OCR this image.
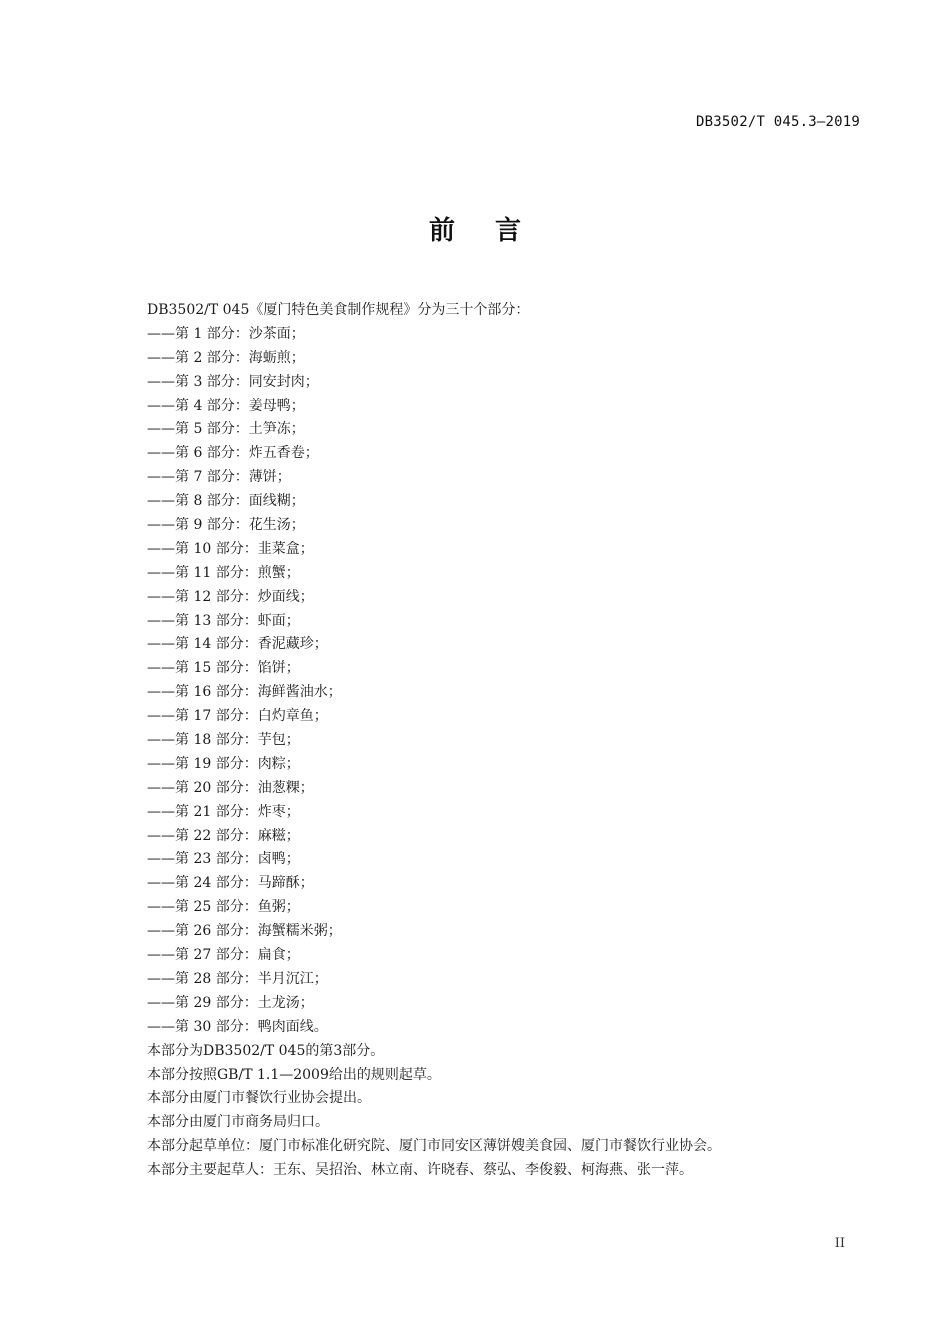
DB3502/T 045.3—2019
前言
DB3502/T 045《厦门特色美食制作规程》分为三十个部分：
——第 1 部分：沙茶面；
——第 2 部分：海蛎煎；
——第 3 部分：同安封肉；
——第 4 部分：姜母鸭；
——第 5 部分：土笋冻；
——第 6 部分：炸五香卷；
——第 7 部分：薄饼；
——第 8 部分：面线糊；
——第 9 部分：花生汤；
——第 10 部分：韭菜盒；
——第 11 部分：煎蟹；
——第 12 部分：炒面线；
——第 13 部分：虾面；
——第 14 部分：香泥藏珍；
——第 15 部分：馅饼；
——第 16 部分：海鲜酱油水；
——第 17 部分：白灼章鱼；
——第 18 部分：芋包；
——第 19 部分：肉粽；
——第 20 部分：油葱粿；
——第 21 部分：炸枣；
——第 22 部分：麻糍；
——第 23 部分：卤鸭；
——第 24 部分：马蹄酥；
——第 25 部分：鱼粥；
——第 26 部分：海蟹糯米粥；
——第 27 部分：扁食；
——第 28 部分：半月沉江；
——第 29 部分：土龙汤；
——第 30 部分：鸭肉面线。
本部分为DB3502/T 045的第3部分。
本部分按照GB/T 1.1—2009给出的规则起草。
本部分由厦门市餐饮行业协会提出。
本部分由厦门市商务局归口。
本部分起草单位：厦门市标准化研究院、厦门市同安区薄饼嫂美食园、厦门市餐饮行业协会。
本部分主要起草人：王东、吴招治、林立南、许晓春、蔡弘、李俊毅、柯海燕、张一萍。
II
